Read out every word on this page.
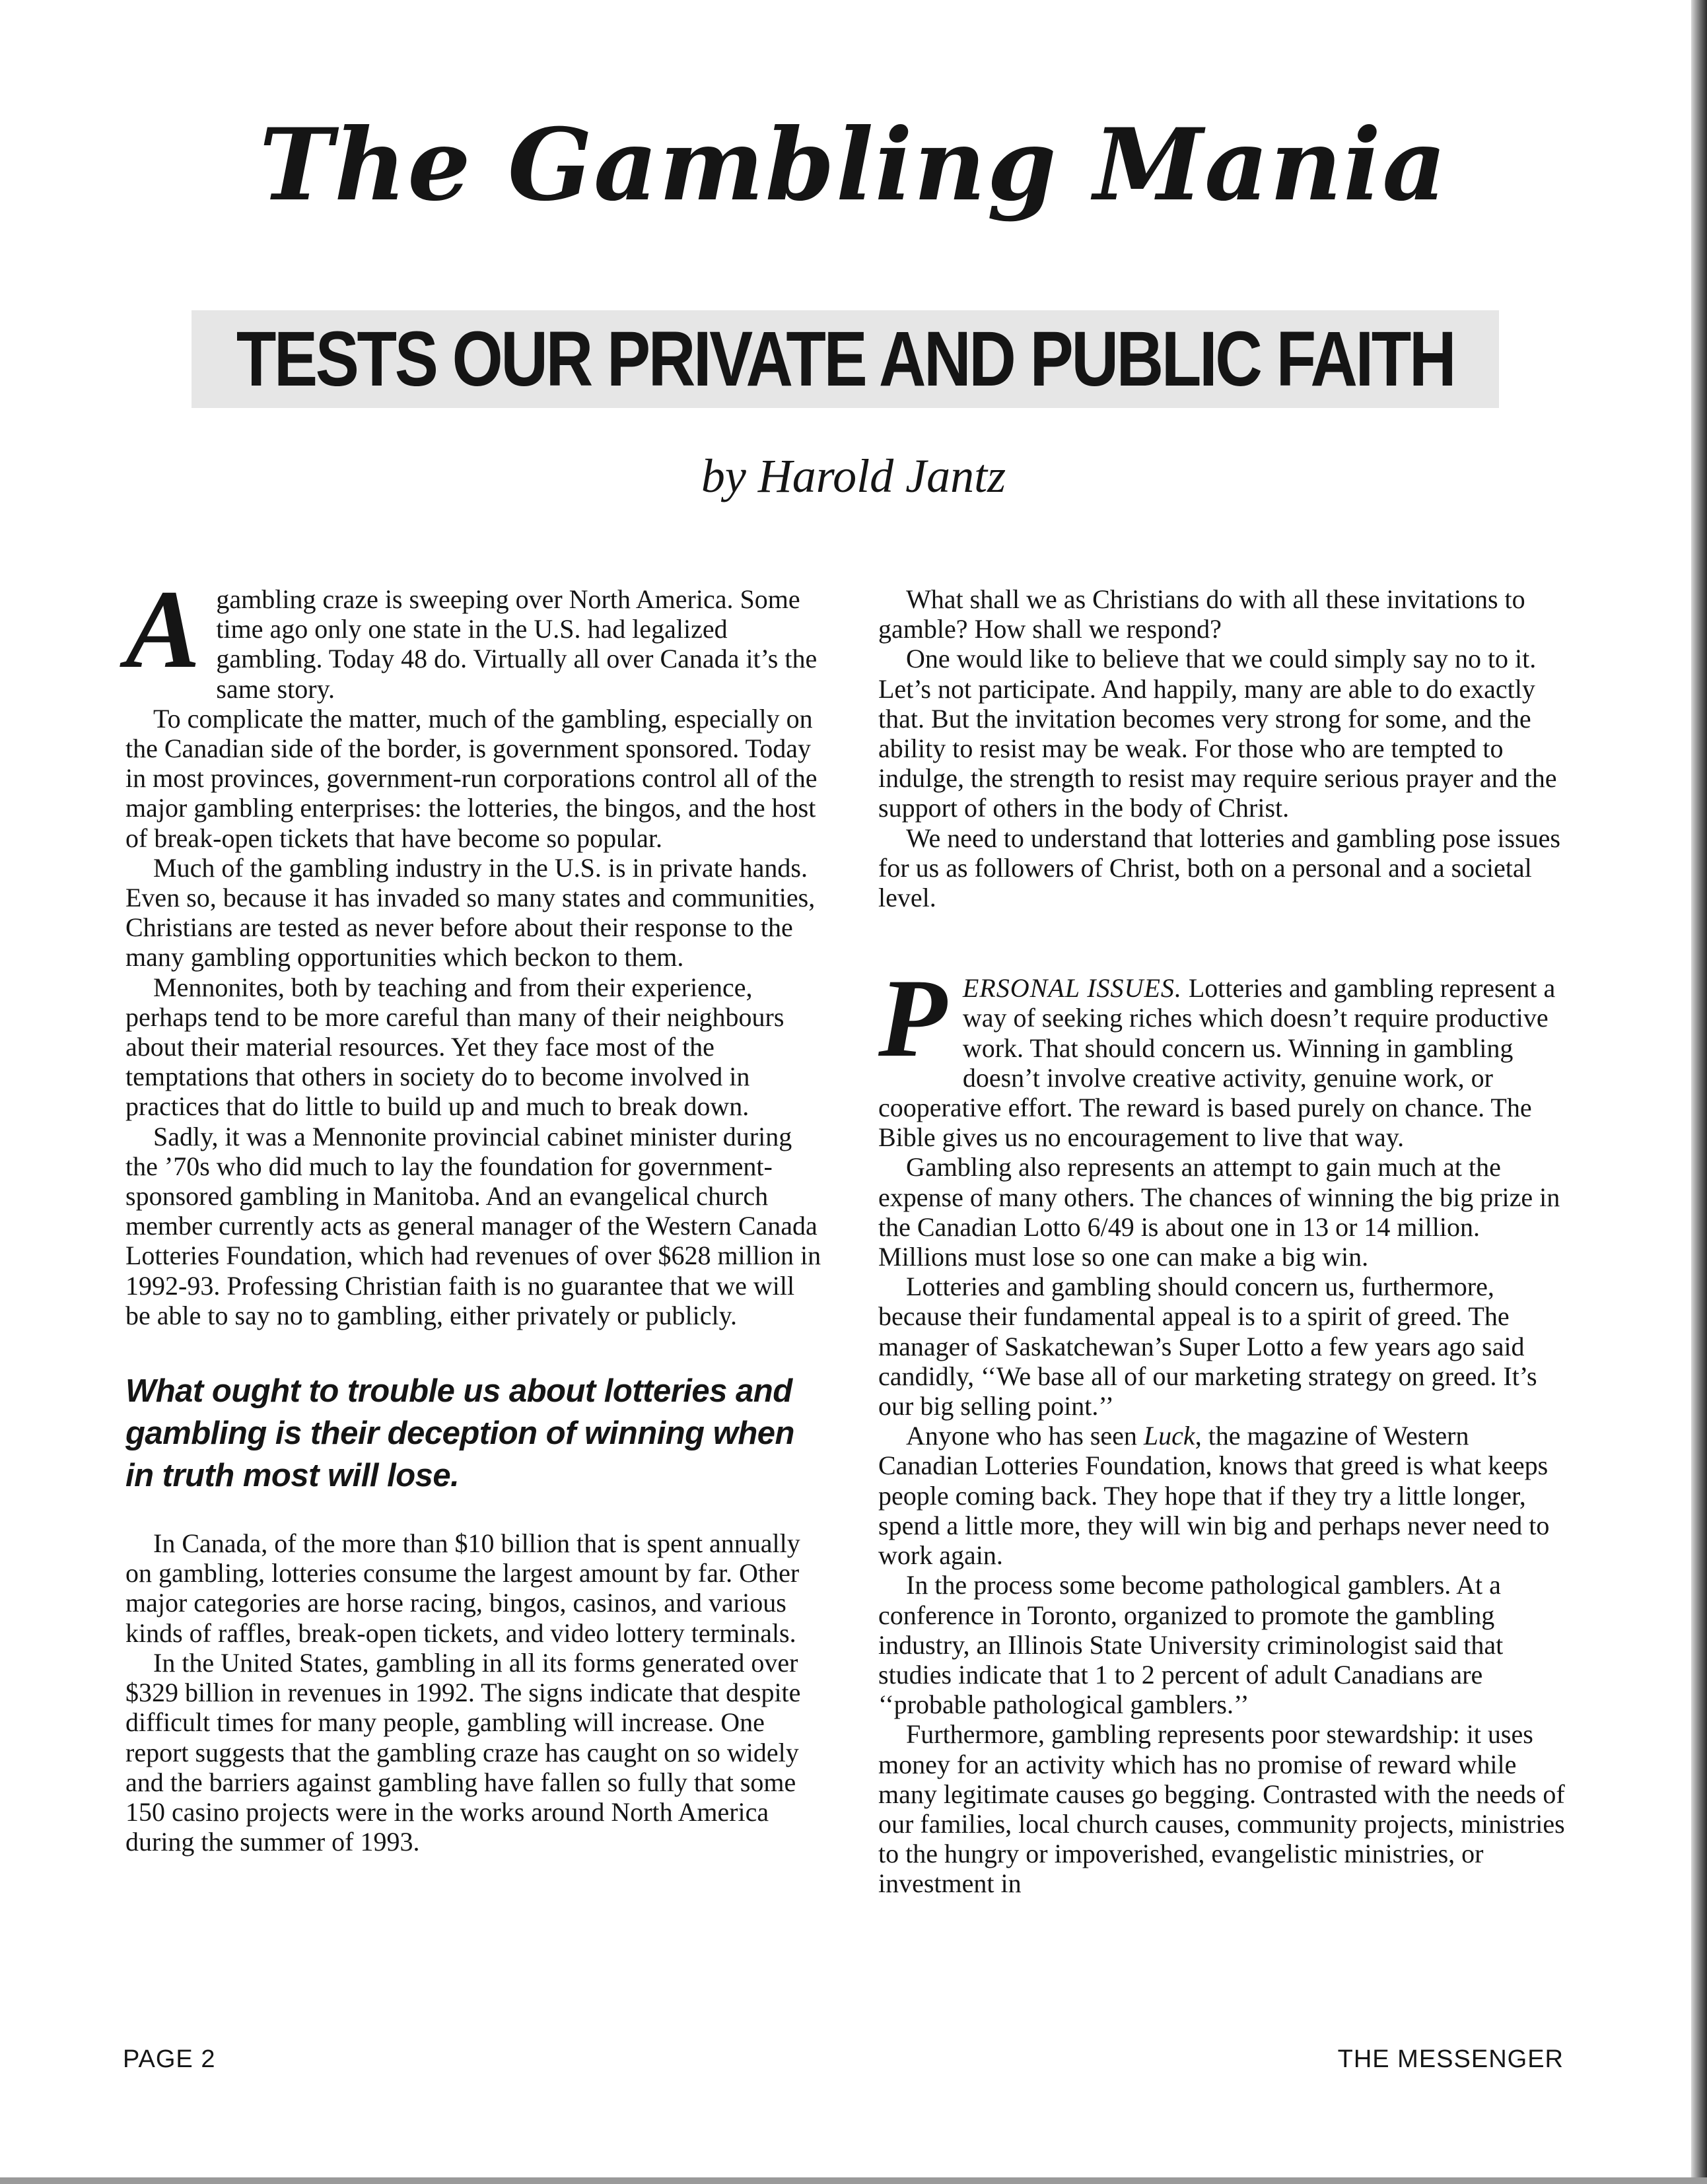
The Gambling Mania
TESTS OUR PRIVATE AND PUBLIC FAITH
by Harold Jantz

Agambling craze is sweeping over North America. Some time ago only one state in the U.S. had legalized gambling. Today 48 do. Virtually all over Canada it’s the same story.

To complicate the matter, much of the gambling, especially on the Canadian side of the border, is government sponsored. Today in most provinces, government-run corporations control all of the major gambling enterprises: the lotteries, the bingos, and the host of break-open tickets that have become so popular.

Much of the gambling industry in the U.S. is in private hands. Even so, because it has invaded so many states and communities, Christians are tested as never before about their response to the many gambling opportunities which beckon to them.

Mennonites, both by teaching and from their experience, perhaps tend to be more careful than many of their neighbours about their material resources. Yet they face most of the temptations that others in society do to become involved in practices that do little to build up and much to break down.

Sadly, it was a Mennonite provincial cabinet minister during the ’70s who did much to lay the foundation for government-sponsored gambling in Manitoba. And an evangelical church member currently acts as general manager of the Western Canada Lotteries Foundation, which had revenues of over $628 million in 1992-93. Professing Christian faith is no guarantee that we will be able to say no to gambling, either privately or publicly.

What ought to trouble us about lotteries and gambling is their deception of winning when in truth most will lose.

In Canada, of the more than $10 billion that is spent annually on gambling, lotteries consume the largest amount by far. Other major categories are horse racing, bingos, casinos, and various kinds of raffles, break-open tickets, and video lottery terminals.

In the United States, gambling in all its forms generated over $329 billion in revenues in 1992. The signs indicate that despite difficult times for many people, gambling will increase. One report suggests that the gambling craze has caught on so widely and the barriers against gambling have fallen so fully that some 150 casino projects were in the works around North America during the summer of 1993.

What shall we as Christians do with all these invitations to gamble? How shall we respond?

One would like to believe that we could simply say no to it. Let’s not participate. And happily, many are able to do exactly that. But the invitation becomes very strong for some, and the ability to resist may be weak. For those who are tempted to indulge, the strength to resist may require serious prayer and the support of others in the body of Christ.

We need to understand that lotteries and gambling pose issues for us as followers of Christ, both on a personal and a societal level.

PERSONAL ISSUES. Lotteries and gambling represent a way of seeking riches which doesn’t require productive work. That should concern us. Winning in gambling doesn’t involve creative activity, genuine work, or cooperative effort. The reward is based purely on chance. The Bible gives us no encouragement to live that way.

Gambling also represents an attempt to gain much at the expense of many others. The chances of winning the big prize in the Canadian Lotto 6/49 is about one in 13 or 14 million. Millions must lose so one can make a big win.

Lotteries and gambling should concern us, furthermore, because their fundamental appeal is to a spirit of greed. The manager of Saskatchewan’s Super Lotto a few years ago said candidly, ‘‘We base all of our marketing strategy on greed. It’s our big selling point.’’

Anyone who has seen Luck, the magazine of Western Canadian Lotteries Foundation, knows that greed is what keeps people coming back. They hope that if they try a little longer, spend a little more, they will win big and perhaps never need to work again.

In the process some become pathological gamblers. At a conference in Toronto, organized to promote the gambling industry, an Illinois State University criminologist said that studies indicate that 1 to 2 percent of adult Canadians are ‘‘probable pathological gamblers.’’

Furthermore, gambling represents poor stewardship: it uses money for an activity which has no promise of reward while many legitimate causes go begging. Contrasted with the needs of our families, local church causes, community projects, ministries to the hungry or impoverished, evangelistic ministries, or investment in

PAGE 2	THE MESSENGER
